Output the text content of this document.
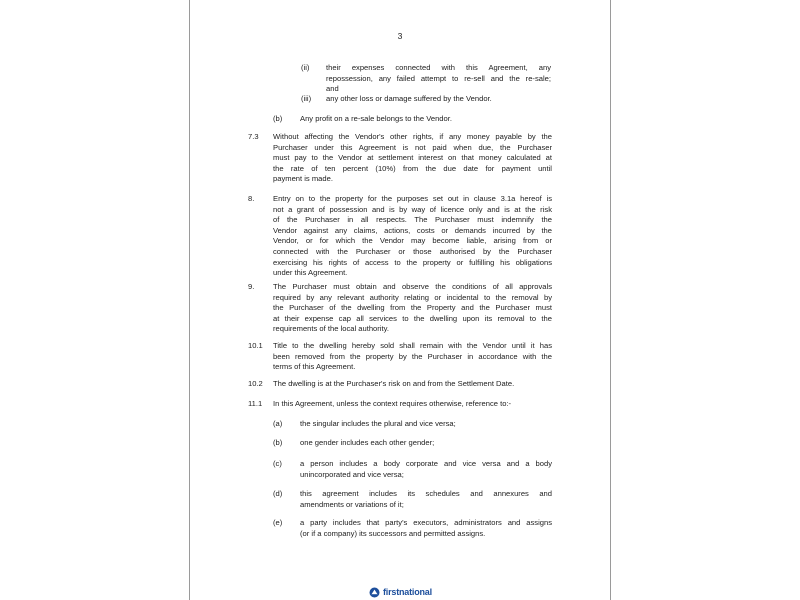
3
(ii) their expenses connected with this Agreement, any
repossession, any failed attempt to re-sell and the re-sale;
and
(iii) any other loss or damage suffered by the Vendor.
(b) Any profit on a re-sale belongs to the Vendor.
7.3 Without affecting the Vendor's other rights, if any money payable by the
Purchaser under this Agreement is not paid when due, the Purchaser
must pay to the Vendor at settlement interest on that money calculated at
the rate of ten percent (10%) from the due date for payment until
payment is made.
8. Entry on to the property for the purposes set out in clause 3.1a hereof is
not a grant of possession and is by way of licence only and is at the risk
of the Purchaser in all respects. The Purchaser must indemnify the
Vendor against any claims, actions, costs or demands incurred by the
Vendor, or for which the Vendor may become liable, arising from or
connected with the Purchaser or those authorised by the Purchaser
exercising his rights of access to the property or fulfilling his obligations
under this Agreement.
9. The Purchaser must obtain and observe the conditions of all approvals
required by any relevant authority relating or incidental to the removal by
the Purchaser of the dwelling from the Property and the Purchaser must
at their expense cap all services to the dwelling upon its removal to the
requirements of the local authority.
10.1 Title to the dwelling hereby sold shall remain with the Vendor until it has
been removed from the property by the Purchaser in accordance with the
terms of this Agreement.
10.2 The dwelling is at the Purchaser's risk on and from the Settlement Date.
11.1 In this Agreement, unless the context requires otherwise, reference to:-
(a) the singular includes the plural and vice versa;
(b) one gender includes each other gender;
(c) a person includes a body corporate and vice versa and a body
unincorporated and vice versa;
(d) this agreement includes its schedules and annexures and
amendments or variations of it;
(e) a party includes that party's executors, administrators and assigns
(or if a company) its successors and permitted assigns.
firstnational
